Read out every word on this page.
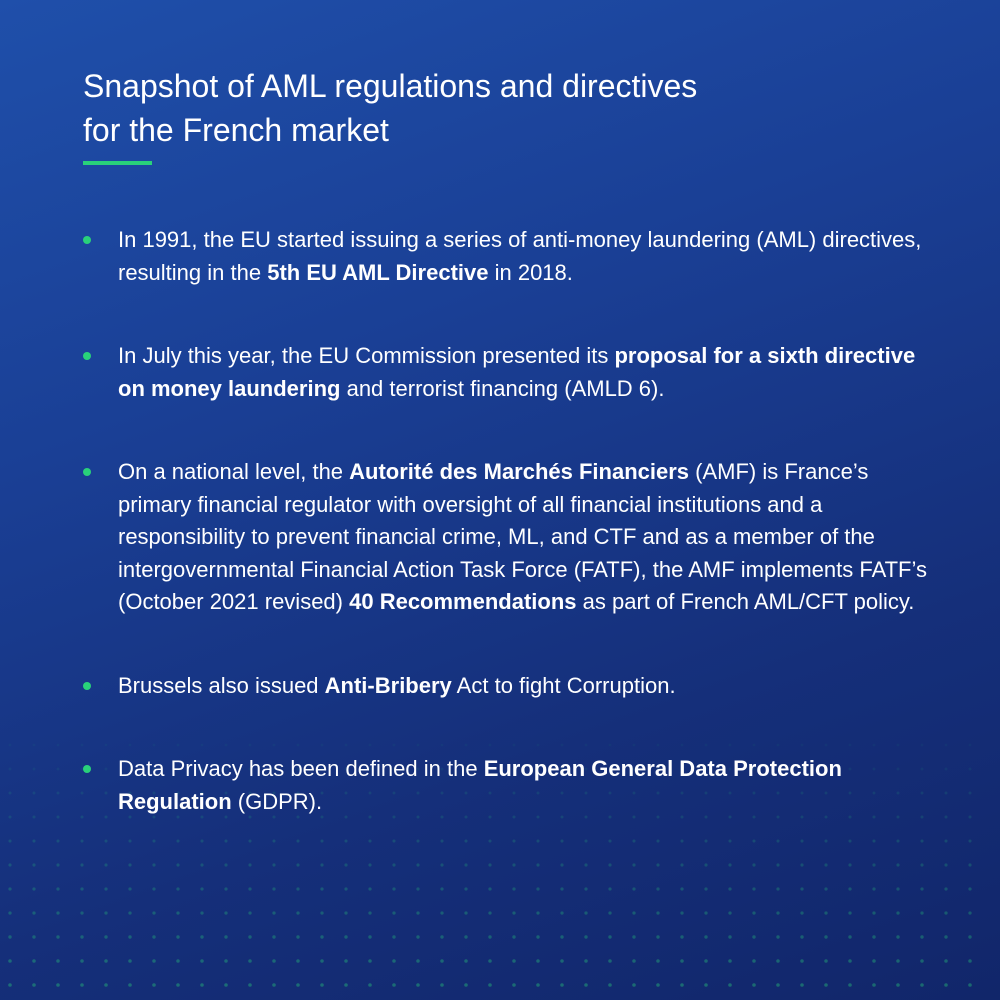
Snapshot of AML regulations and directives
for the French market
In 1991, the EU started issuing a series of anti-money laundering (AML) directives, resulting in the 5th EU AML Directive in 2018.
In July this year, the EU Commission presented its proposal for a sixth directive on money laundering and terrorist financing (AMLD 6).
On a national level, the Autorité des Marchés Financiers (AMF) is France’s primary financial regulator with oversight of all financial institutions and a responsibility to prevent financial crime, ML, and CTF and as a member of the intergovernmental Financial Action Task Force (FATF), the AMF implements FATF’s (October 2021 revised) 40 Recommendations as part of French AML/CFT policy.
Brussels also issued Anti-Bribery Act to fight Corruption.
Data Privacy has been defined in the European General Data Protection Regulation (GDPR).
